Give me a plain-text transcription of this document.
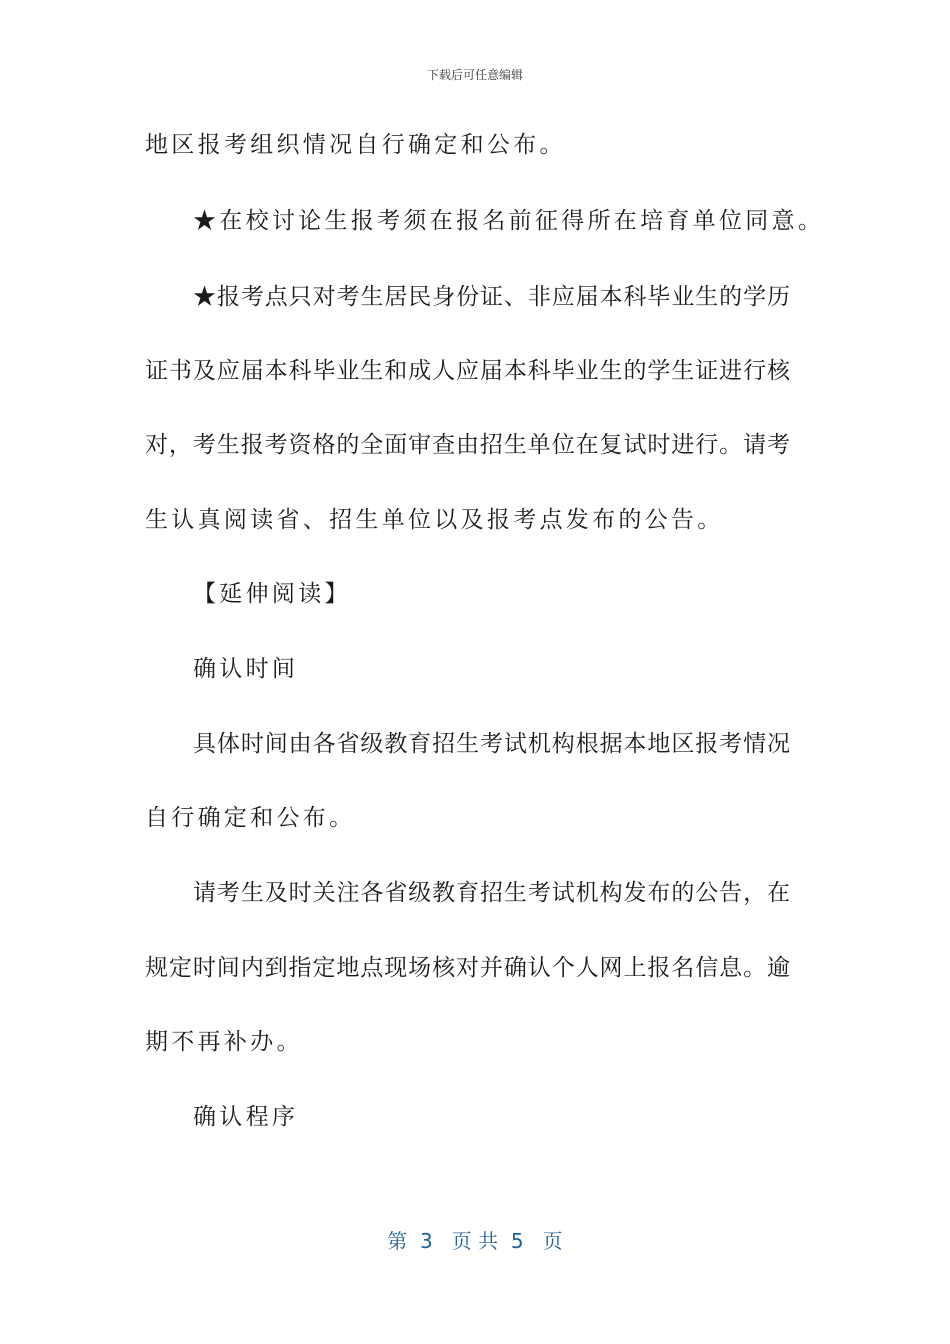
下载后可任意编辑
地区报考组织情况自行确定和公布。
★在校讨论生报考须在报名前征得所在培育单位同意。
★报考点只对考生居民身份证、非应届本科毕业生的学历
证书及应届本科毕业生和成人应届本科毕业生的学生证进行核
对，考生报考资格的全面审查由招生单位在复试时进行。请考
生认真阅读省、招生单位以及报考点发布的公告。
【延伸阅读】
确认时间
具体时间由各省级教育招生考试机构根据本地区报考情况
自行确定和公布。
请考生及时关注各省级教育招生考试机构发布的公告，在
规定时间内到指定地点现场核对并确认个人网上报名信息。逾
期不再补办。
确认程序
第  3   页 共  5   页
